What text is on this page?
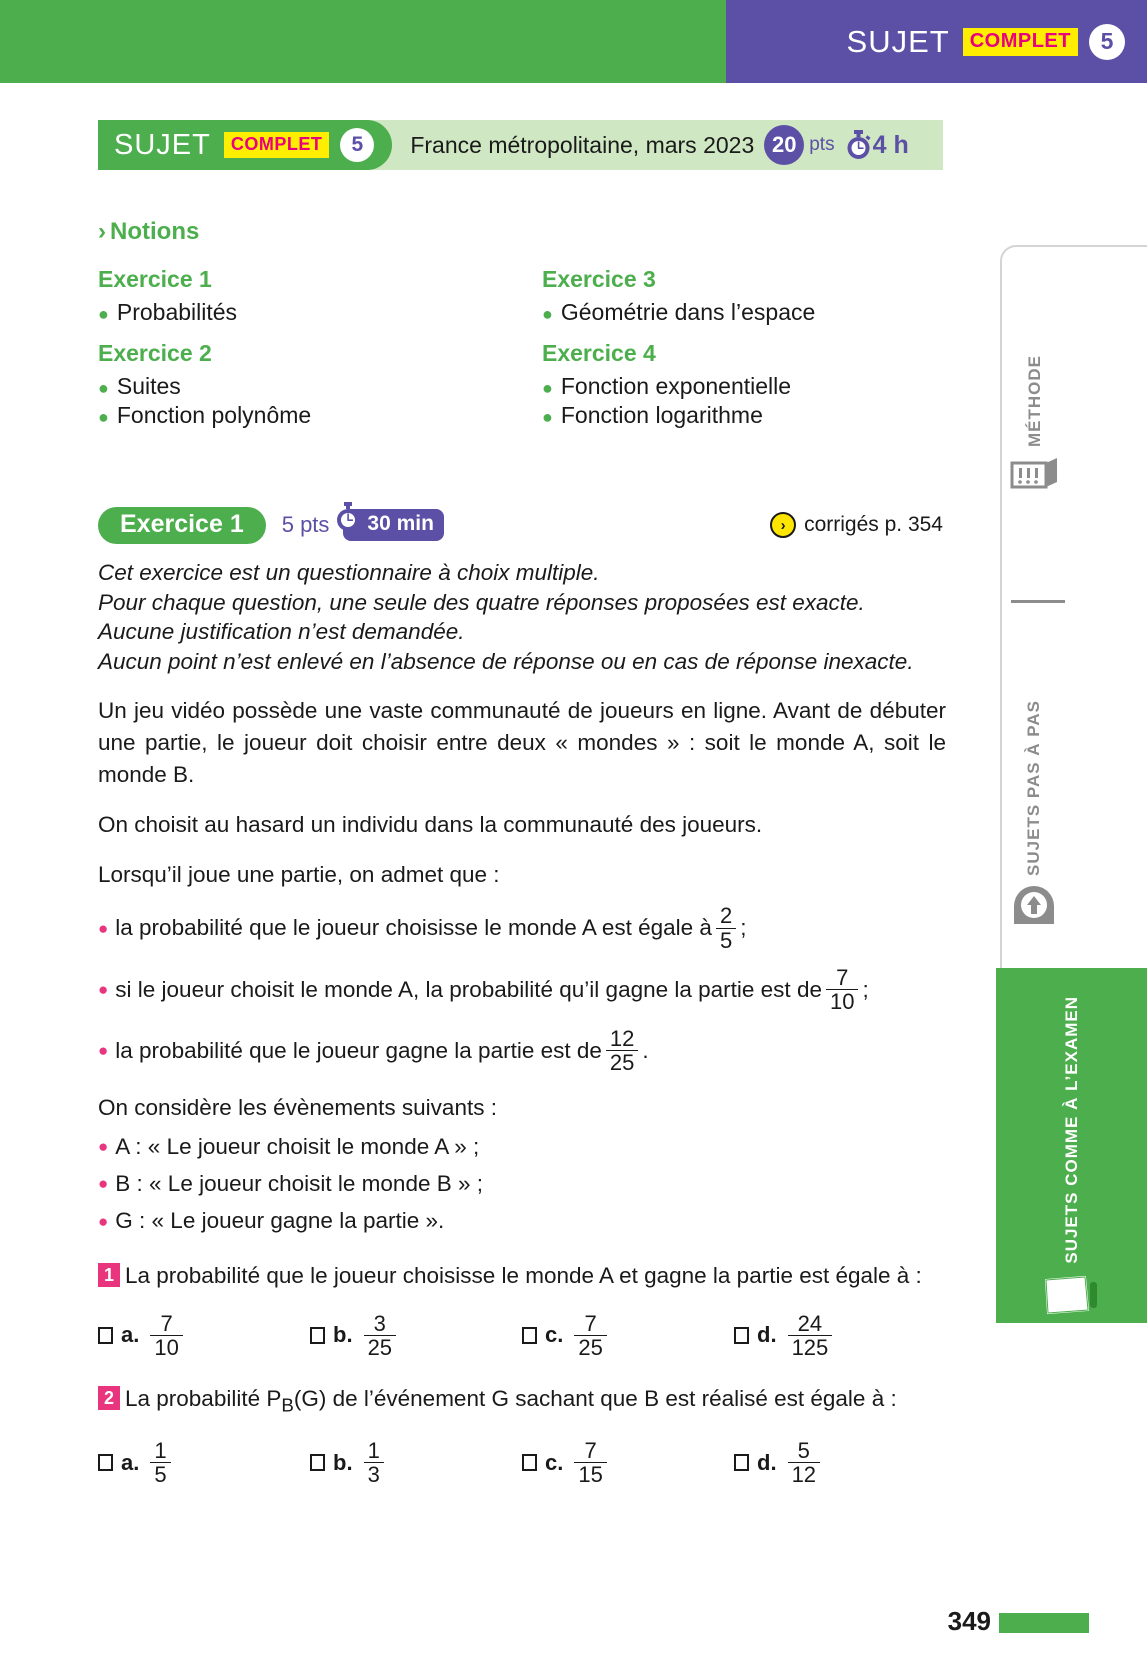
SUJET	COMPLET	5
SUJET	COMPLET	5	France métropolitaine, mars 2023 20 pts 4 h
› Notions
Exercice 1
● Probabilités
Exercice 2
● Suites
● Fonction polynôme
Exercice 3
● Géométrie dans l’espace
Exercice 4
● Fonction exponentielle
● Fonction logarithme
Exercice 1	5 pts	30 min	› corrigés p. 354
Cet exercice est un questionnaire à choix multiple.
Pour chaque question, une seule des quatre réponses proposées est exacte.
Aucune justification n’est demandée.
Aucun point n’est enlevé en l’absence de réponse ou en cas de réponse inexacte.

Un jeu vidéo possède une vaste communauté de joueurs en ligne. Avant de débuter une partie, le joueur doit choisir entre deux « mondes » : soit le monde A, soit le monde B.

On choisit au hasard un individu dans la communauté des joueurs.

Lorsqu’il joue une partie, on admet que :

● la probabilité que le joueur choisisse le monde A est égale à $\frac{2}{5}$ ;
● si le joueur choisit le monde A, la probabilité qu’il gagne la partie est de $\frac{7}{10}$ ;
● la probabilité que le joueur gagne la partie est de $\frac{12}{25}$ .

On considère les évènements suivants :

● A : « Le joueur choisit le monde A » ;
● B : « Le joueur choisit le monde B » ;
● G : « Le joueur gagne la partie ».
1 La probabilité que le joueur choisisse le monde A et gagne la partie est égale à :
a. $\frac{7}{10}$	b. $\frac{3}{25}$	c. $\frac{7}{25}$	d. $\frac{24}{125}$
2 La probabilité $P_B(G)$ de l’événement G sachant que B est réalisé est égale à :
a. $\frac{1}{5}$	b. $\frac{1}{3}$	c. $\frac{7}{15}$	d. $\frac{5}{12}$
MÉTHODE
SUJETS PAS À PAS
SUJETS COMME À L’EXAMEN
349
